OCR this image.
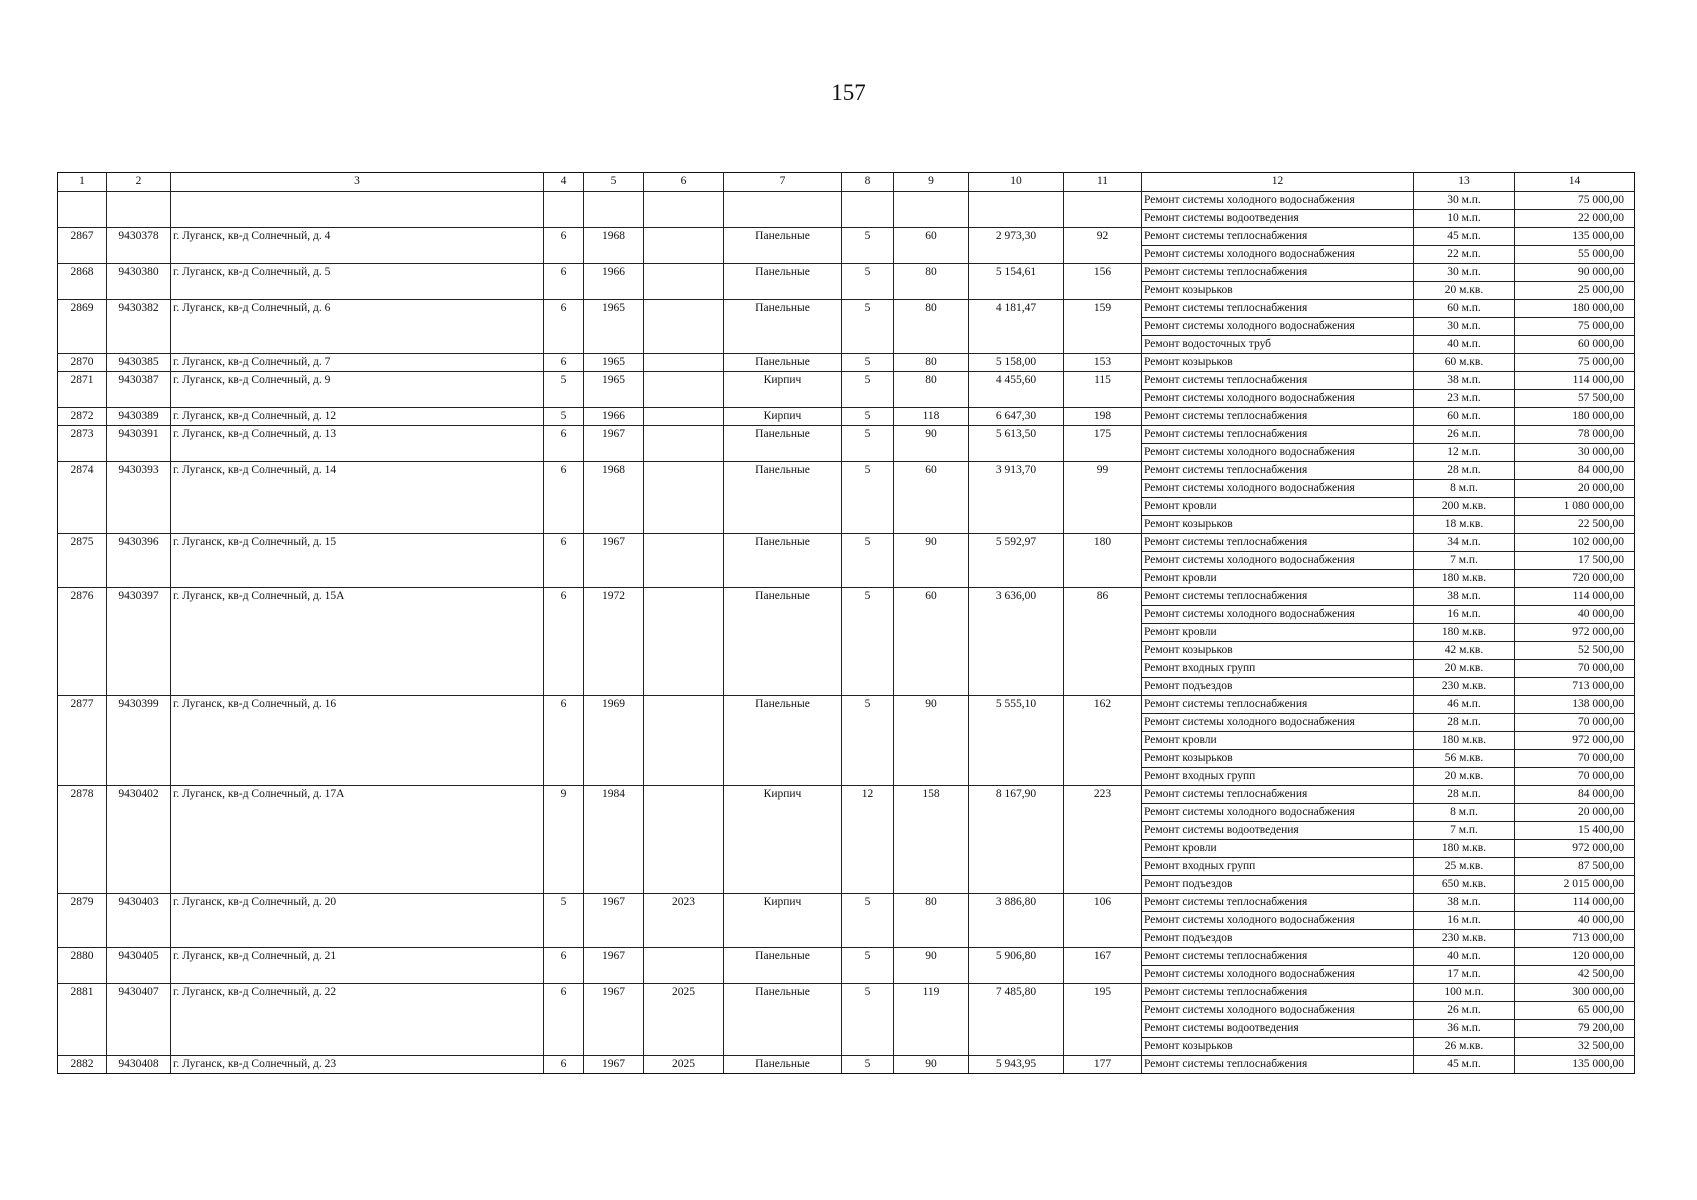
157
1	2	3	4	5	6	7	8	9	10	11	12	13	14
											Ремонт системы холодного водоснабжения	30 м.п.	75 000,00
											Ремонт системы водоотведения	10 м.п.	22 000,00
2867	9430378	г. Луганск, кв-д Солнечный, д. 4	6	1968		Панельные	5	60	2 973,30	92	Ремонт системы теплоснабжения	45 м.п.	135 000,00
											Ремонт системы холодного водоснабжения	22 м.п.	55 000,00
2868	9430380	г. Луганск, кв-д Солнечный, д. 5	6	1966		Панельные	5	80	5 154,61	156	Ремонт системы теплоснабжения	30 м.п.	90 000,00
											Ремонт козырьков	20 м.кв.	25 000,00
2869	9430382	г. Луганск, кв-д Солнечный, д. 6	6	1965		Панельные	5	80	4 181,47	159	Ремонт системы теплоснабжения	60 м.п.	180 000,00
											Ремонт системы холодного водоснабжения	30 м.п.	75 000,00
											Ремонт водосточных труб	40 м.п.	60 000,00
2870	9430385	г. Луганск, кв-д Солнечный, д. 7	6	1965		Панельные	5	80	5 158,00	153	Ремонт козырьков	60 м.кв.	75 000,00
2871	9430387	г. Луганск, кв-д Солнечный, д. 9	5	1965		Кирпич	5	80	4 455,60	115	Ремонт системы теплоснабжения	38 м.п.	114 000,00
											Ремонт системы холодного водоснабжения	23 м.п.	57 500,00
2872	9430389	г. Луганск, кв-д Солнечный, д. 12	5	1966		Кирпич	5	118	6 647,30	198	Ремонт системы теплоснабжения	60 м.п.	180 000,00
2873	9430391	г. Луганск, кв-д Солнечный, д. 13	6	1967		Панельные	5	90	5 613,50	175	Ремонт системы теплоснабжения	26 м.п.	78 000,00
											Ремонт системы холодного водоснабжения	12 м.п.	30 000,00
2874	9430393	г. Луганск, кв-д Солнечный, д. 14	6	1968		Панельные	5	60	3 913,70	99	Ремонт системы теплоснабжения	28 м.п.	84 000,00
											Ремонт системы холодного водоснабжения	8 м.п.	20 000,00
											Ремонт кровли	200 м.кв.	1 080 000,00
											Ремонт козырьков	18 м.кв.	22 500,00
2875	9430396	г. Луганск, кв-д Солнечный, д. 15	6	1967		Панельные	5	90	5 592,97	180	Ремонт системы теплоснабжения	34 м.п.	102 000,00
											Ремонт системы холодного водоснабжения	7 м.п.	17 500,00
											Ремонт кровли	180 м.кв.	720 000,00
2876	9430397	г. Луганск, кв-д Солнечный, д. 15А	6	1972		Панельные	5	60	3 636,00	86	Ремонт системы теплоснабжения	38 м.п.	114 000,00
											Ремонт системы холодного водоснабжения	16 м.п.	40 000,00
											Ремонт кровли	180 м.кв.	972 000,00
											Ремонт козырьков	42 м.кв.	52 500,00
											Ремонт входных групп	20 м.кв.	70 000,00
											Ремонт подъездов	230 м.кв.	713 000,00
2877	9430399	г. Луганск, кв-д Солнечный, д. 16	6	1969		Панельные	5	90	5 555,10	162	Ремонт системы теплоснабжения	46 м.п.	138 000,00
											Ремонт системы холодного водоснабжения	28 м.п.	70 000,00
											Ремонт кровли	180 м.кв.	972 000,00
											Ремонт козырьков	56 м.кв.	70 000,00
											Ремонт входных групп	20 м.кв.	70 000,00
2878	9430402	г. Луганск, кв-д Солнечный, д. 17А	9	1984		Кирпич	12	158	8 167,90	223	Ремонт системы теплоснабжения	28 м.п.	84 000,00
											Ремонт системы холодного водоснабжения	8 м.п.	20 000,00
											Ремонт системы водоотведения	7 м.п.	15 400,00
											Ремонт кровли	180 м.кв.	972 000,00
											Ремонт входных групп	25 м.кв.	87 500,00
											Ремонт подъездов	650 м.кв.	2 015 000,00
2879	9430403	г. Луганск, кв-д Солнечный, д. 20	5	1967	2023	Кирпич	5	80	3 886,80	106	Ремонт системы теплоснабжения	38 м.п.	114 000,00
											Ремонт системы холодного водоснабжения	16 м.п.	40 000,00
											Ремонт подъездов	230 м.кв.	713 000,00
2880	9430405	г. Луганск, кв-д Солнечный, д. 21	6	1967		Панельные	5	90	5 906,80	167	Ремонт системы теплоснабжения	40 м.п.	120 000,00
											Ремонт системы холодного водоснабжения	17 м.п.	42 500,00
2881	9430407	г. Луганск, кв-д Солнечный, д. 22	6	1967	2025	Панельные	5	119	7 485,80	195	Ремонт системы теплоснабжения	100 м.п.	300 000,00
											Ремонт системы холодного водоснабжения	26 м.п.	65 000,00
											Ремонт системы водоотведения	36 м.п.	79 200,00
											Ремонт козырьков	26 м.кв.	32 500,00
2882	9430408	г. Луганск, кв-д Солнечный, д. 23	6	1967	2025	Панельные	5	90	5 943,95	177	Ремонт системы теплоснабжения	45 м.п.	135 000,00
